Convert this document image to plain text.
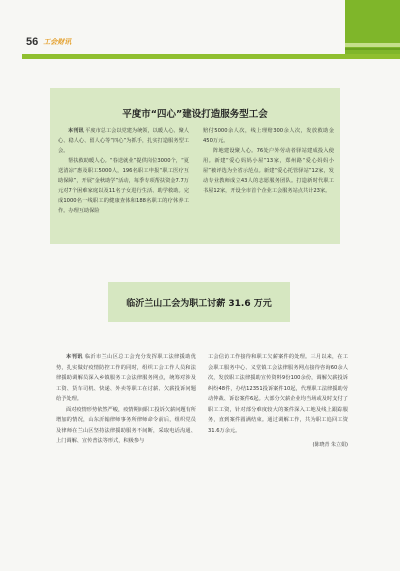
56 工会财讯
平度市“四心”建设打造服务型工会

本刊讯 平度市总工会以党建为统领，以暖人心、聚人心、稳人心、留人心等“四心”为抓手，扎实打造服务型工会。

帮扶救助暖人心。“春送就业”提供岗位3000个，“夏送清凉”惠及职工5000人，196名职工申报“职工医疗互助保障”，开展“金秋助学”活动，每季专项帮扶资金7.7万元对7个困难家庭以及11名子女进行生活、助学救助。完成1000名一线职工的健康查体和188名职工的疗休养工作。办理互助保险

赔付5000余人次，线上理赔300余人次，发放救助金450万元。

阵地建设聚人心。76处户外劳动者驿站建成投入使用。新建“爱心妈妈小屋”13家，郑州路“爱心妈妈小屋”被评选为全省示范点。新建“爱心托管驿站”12家，发动专业教师成立43人的志愿服务团队。打造新时代职工书屋12家，开设全市首个企业工会服务站点共计23家。

临沂兰山工会为职工讨薪 31.6 万元

本刊讯 临沂市兰山区总工会充分发挥职工法律援助优势，扎实做好疫情防控工作的同时，组织工会工作人员和法律援助调解员深入乡镇服务工会法律服务网点，统筹对涉及工资、货车司机、快递、外卖等职工在讨薪、欠薪投诉问题给予处理。

面对疫情形势依然严峻，疫情期间职工投诉欠薪问题有所增加的情况，山东沂翰律师事务所律师命令前后，组织党员及律师在兰山区坚持法律援助服务不间断，采取电话沟通、上门调解、宣传普法等形式，积极参与

工会信访工作接待和职工欠薪案件的处理。三月以来，在工会职工服务中心、义堂镇工会法律服务网点接待咨询60余人次，发放职工法律援助宣传资料9份100余份，调解欠薪投诉纠纷48件，办结12351投诉案件10起，代理职工法律援助劳动仲裁、诉讼案件6起。大部分欠薪企业均当场或及时支付了职工工资，针对部分难度较大的案件深入工地及线上跟踪服务，直到案件圆满结束。通过调解工作，共为职工追回工资31.6万余元。

(陈晓青 朱立娟)
